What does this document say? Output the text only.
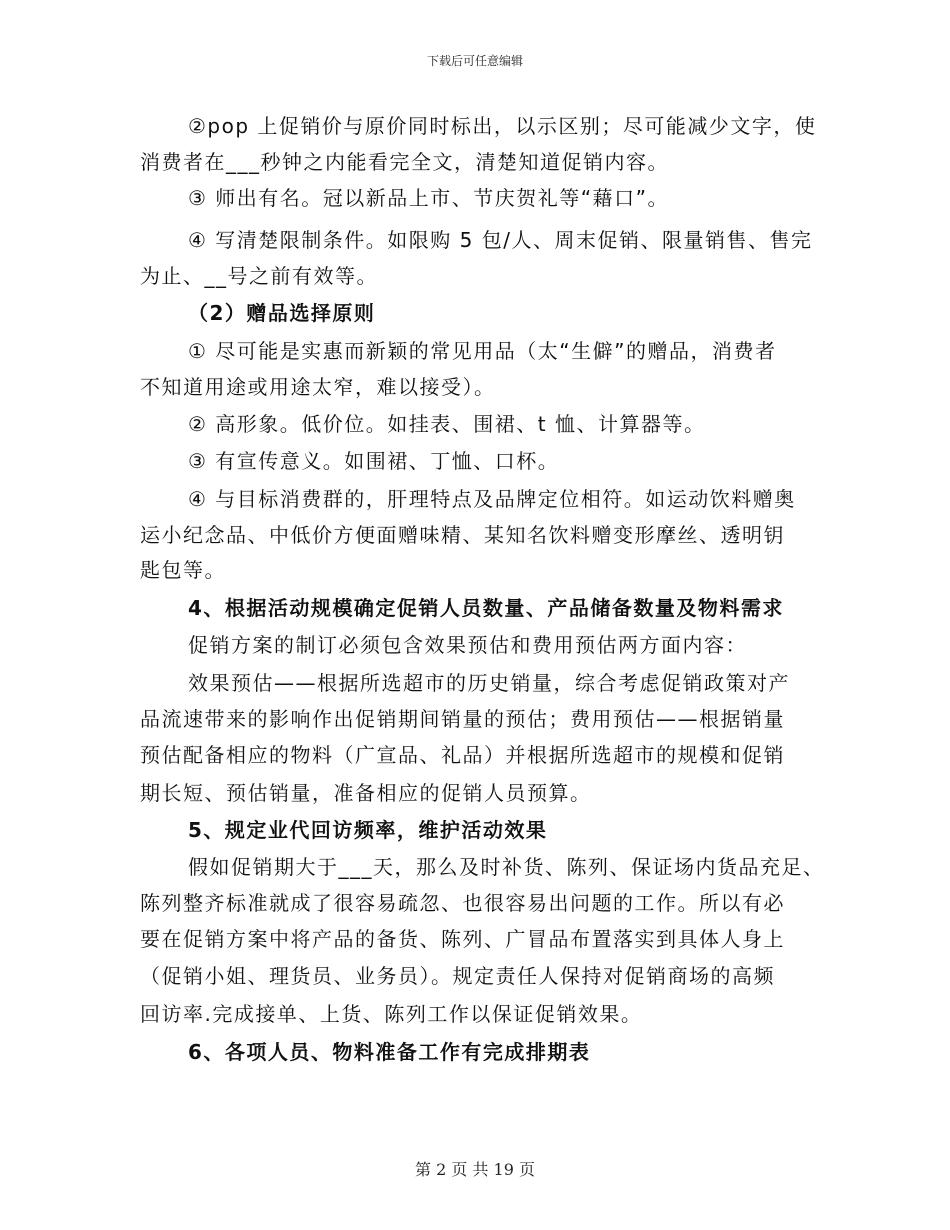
下载后可任意编辑
②pop 上促销价与原价同时标出，以示区别；尽可能减少文字，使
消费者在___秒钟之内能看完全文，清楚知道促销内容。
③ 师出有名。冠以新品上市、节庆贺礼等“藉口”。
④ 写清楚限制条件。如限购 5 包/人、周末促销、限量销售、售完
为止、__号之前有效等。
（2）赠品选择原则
① 尽可能是实惠而新颖的常见用品（太“生僻”的赠品，消费者
不知道用途或用途太窄，难以接受）。
② 高形象。低价位。如挂表、围裙、t 恤、计算器等。
③ 有宣传意义。如围裙、丁恤、口杯。
④ 与目标消费群的，肝理特点及品牌定位相符。如运动饮料赠奥
运小纪念品、中低价方便面赠味精、某知名饮料赠变形摩丝、透明钥
匙包等。
4、根据活动规模确定促销人员数量、产品储备数量及物料需求
促销方案的制订必须包含效果预估和费用预估两方面内容：
效果预估——根据所选超市的历史销量，综合考虑促销政策对产
品流速带来的影响作出促销期间销量的预估；费用预估——根据销量
预估配备相应的物料（广宣品、礼品）并根据所选超市的规模和促销
期长短、预估销量，准备相应的促销人员预算。
5、规定业代回访频率，维护活动效果
假如促销期大于___天，那么及时补货、陈列、保证场内货品充足、
陈列整齐标准就成了很容易疏忽、也很容易出问题的工作。所以有必
要在促销方案中将产品的备货、陈列、广冒品布置落实到具体人身上
（促销小姐、理货员、业务员）。规定责任人保持对促销商场的高频
回访率.完成接单、上货、陈列工作以保证促销效果。
6、各项人员、物料准备工作有完成排期表
第 2 页 共 19 页
